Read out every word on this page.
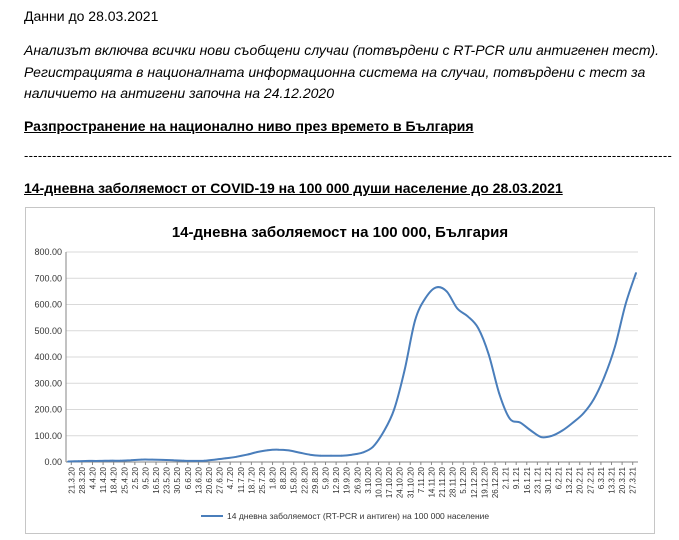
Данни до 28.03.2021
Анализът включва всички нови съобщени случаи (потвърдени с RT-PCR или антигенен тест). Регистрацията в националната информационна система на случаи, потвърдени с тест за наличието на антигени започна на 24.12.2020
Разпространение на национално ниво през времето в България
--------------------------------------------------------------------------------------------------------------------------------------------
14-дневна заболяемост от COVID-19 на 100 000 души население до 28.03.2021
14-дневна заболяемост на 100 000, България
0.00
100.00
200.00
300.00
400.00
500.00
600.00
700.00
800.00
21.3.20 28.3.20 4.4.20 11.4.20 18.4.20 25.4.20 2.5.20 9.5.20 16.5.20 23.5.20 30.5.20 6.6.20 13.6.20 20.6.20 27.6.20 4.7.20 11.7.20 18.7.20 25.7.20 1.8.20 8.8.20 15.8.20 22.8.20 29.8.20 5.9.20 12.9.20 19.9.20 26.9.20 3.10.20 10.10.20 17.10.20 24.10.20 31.10.20 7.11.20 14.11.20 21.11.20 28.11.20 5.12.20 12.12.20 19.12.20 26.12.20 2.1.21 9.1.21 16.1.21 23.1.21 30.1.21 6.2.21 13.2.21 20.2.21 27.2.21 6.3.21 13.3.21 20.3.21 27.3.21
14 дневна заболяемост (RT-PCR и антиген) на 100 000 население
